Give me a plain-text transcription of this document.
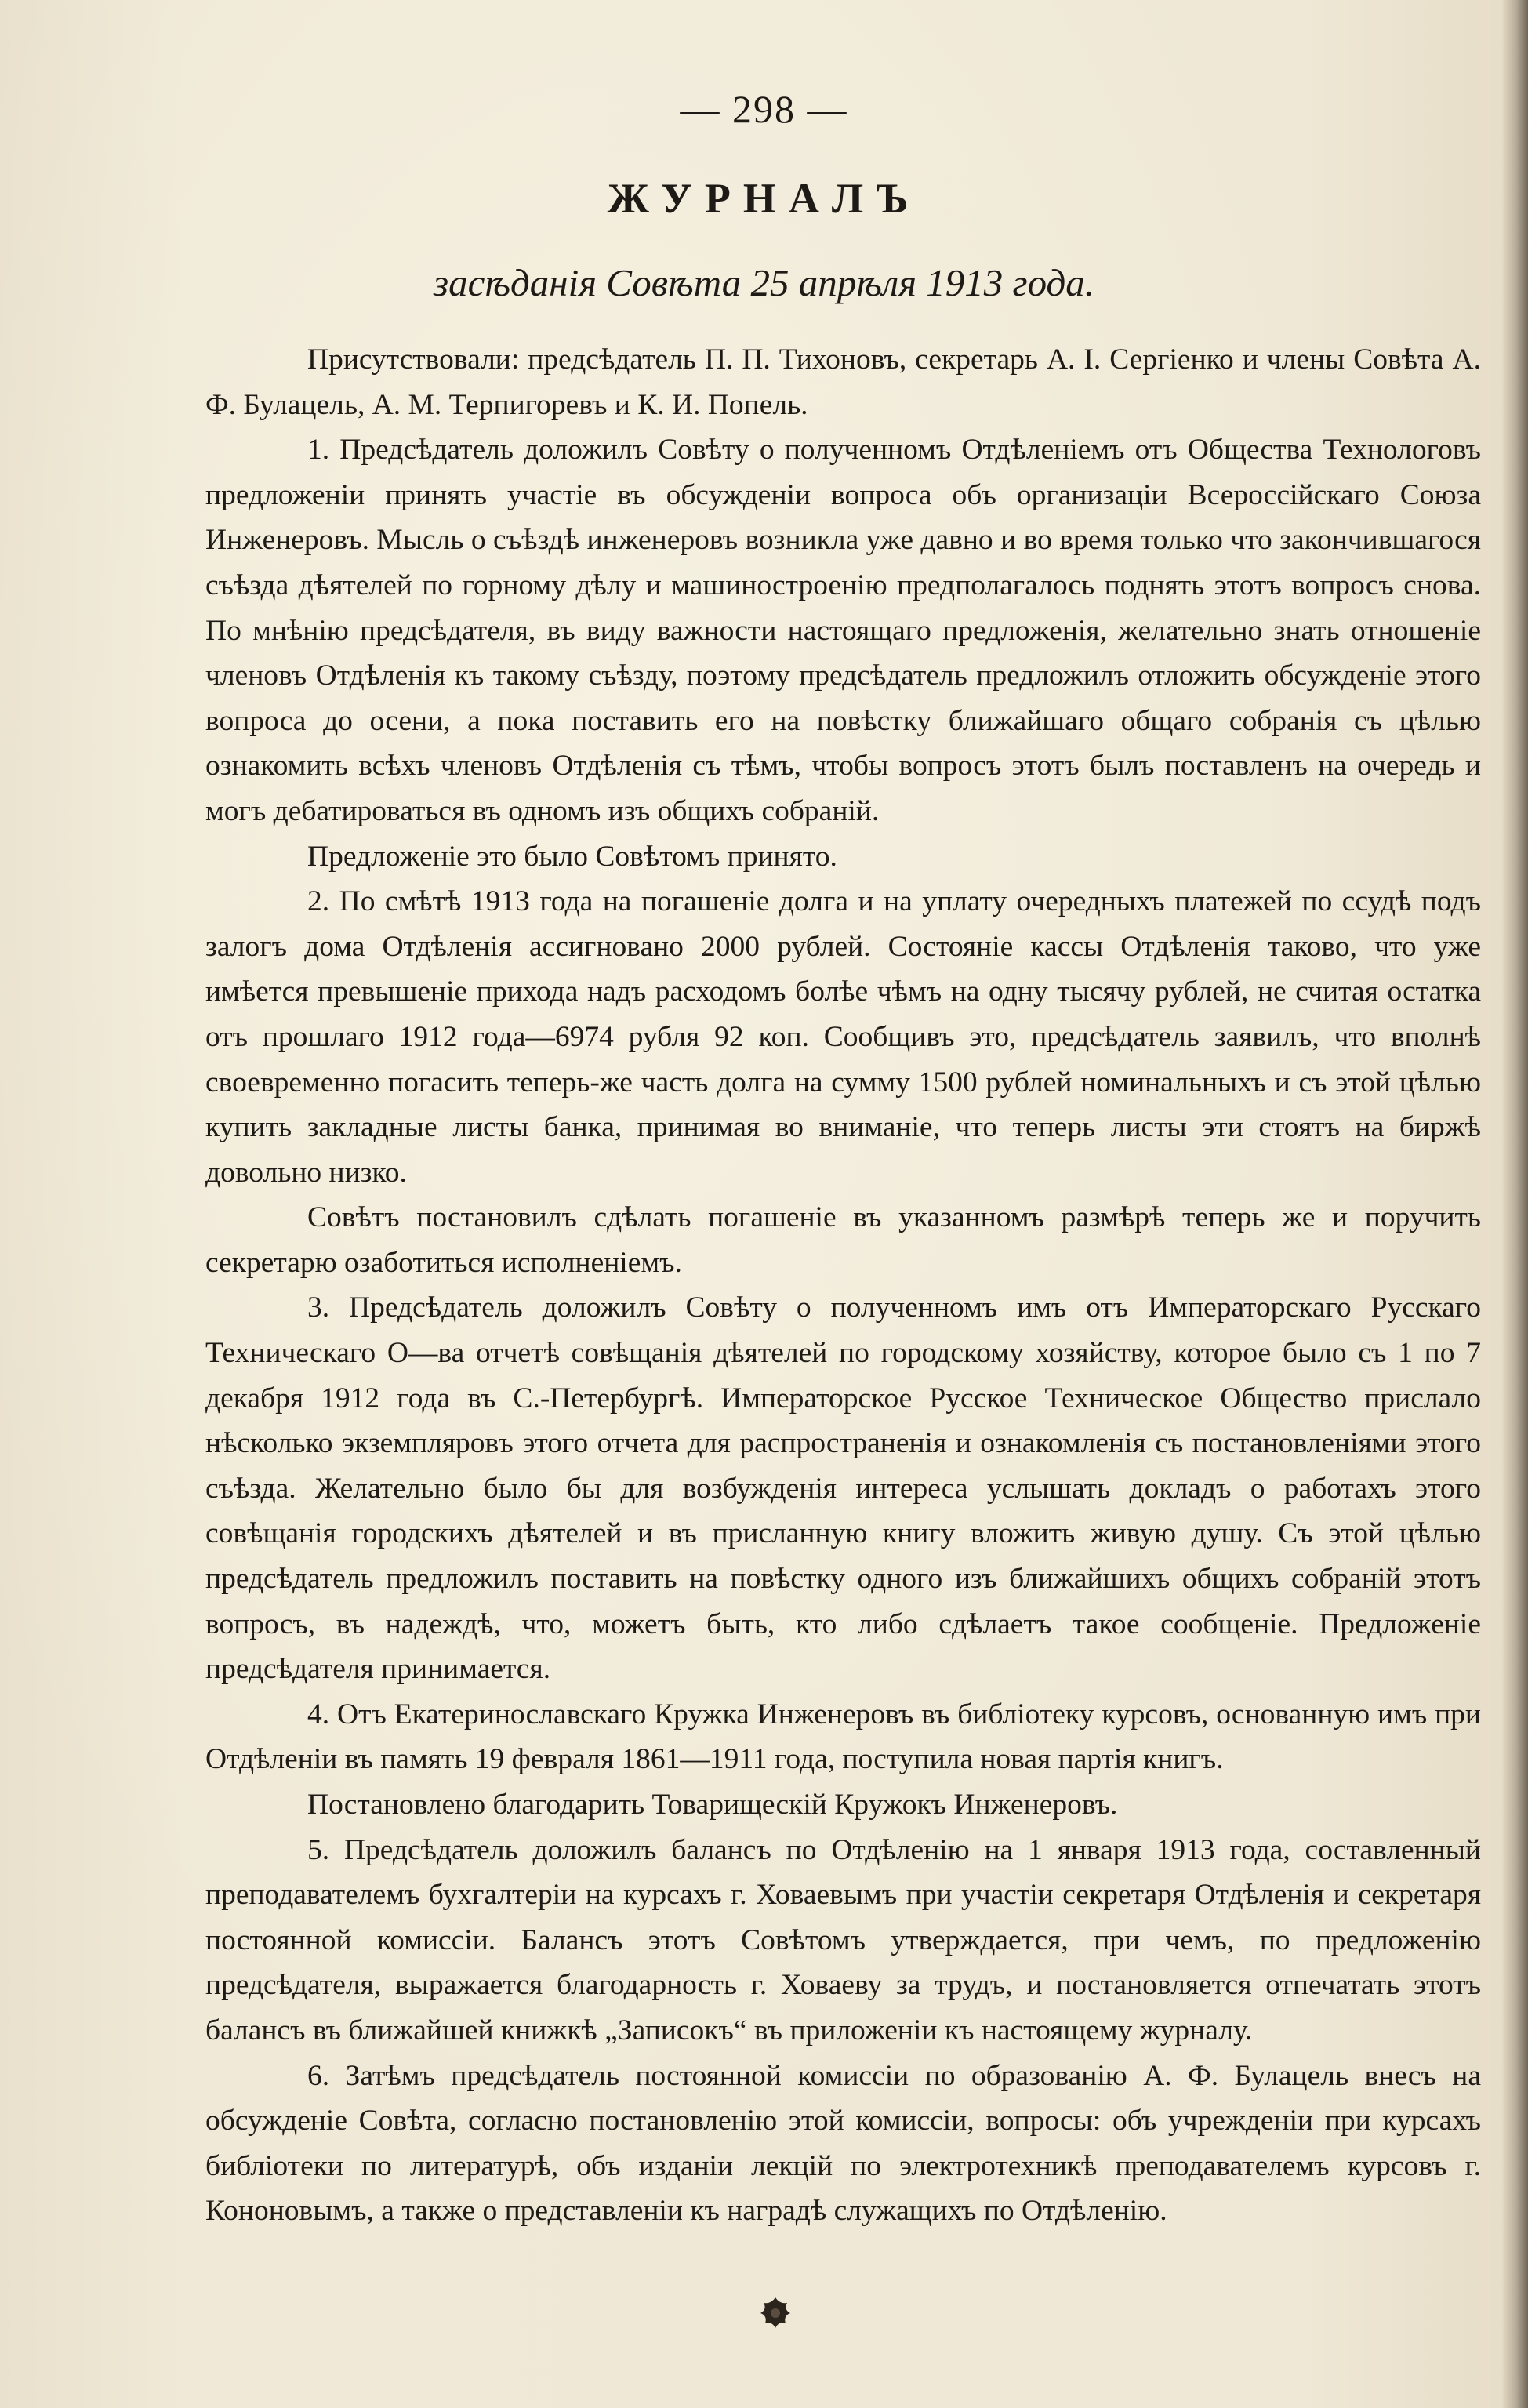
— 298 —
ЖУРНАЛЪ
засѣданія Совѣта 25 апрѣля 1913 года.

Присутствовали: предсѣдатель П. П. Тихоновъ, секретарь А. І. Сергіенко и члены Совѣта А. Ф. Булацель, А. М. Терпигоревъ и К. И. Попель.

1. Предсѣдатель доложилъ Совѣту о полученномъ Отдѣленіемъ отъ Общества Технологовъ предложеніи принять участіе въ обсужденіи вопроса объ организаціи Всероссійскаго Союза Инженеровъ. Мысль о съѣздѣ инженеровъ возникла уже давно и во время только что закончившагося съѣзда дѣятелей по горному дѣлу и машиностроенію предполагалось поднять этотъ вопросъ снова. По мнѣнію предсѣдателя, въ виду важности настоящаго предложенія, желательно знать отношеніе членовъ Отдѣленія къ такому съѣзду, поэтому предсѣдатель предложилъ отложить обсужденіе этого вопроса до осени, а пока поставить его на повѣстку ближайшаго общаго собранія съ цѣлью ознакомить всѣхъ членовъ Отдѣленія съ тѣмъ, чтобы вопросъ этотъ былъ поставленъ на очередь и могъ дебатироваться въ одномъ изъ общихъ собраній.

Предложеніе это было Совѣтомъ принято.

2. По смѣтѣ 1913 года на погашеніе долга и на уплату очередныхъ платежей по ссудѣ подъ залогъ дома Отдѣленія ассигновано 2000 рублей. Состояніе кассы Отдѣленія таково, что уже имѣется превышеніе прихода надъ расходомъ болѣе чѣмъ на одну тысячу рублей, не считая остатка отъ прошлаго 1912 года—6974 рубля 92 коп. Сообщивъ это, предсѣдатель заявилъ, что вполнѣ своевременно погасить теперь-же часть долга на сумму 1500 рублей номинальныхъ и съ этой цѣлью купить закладные листы банка, принимая во вниманіе, что теперь листы эти стоятъ на биржѣ довольно низко.

Совѣтъ постановилъ сдѣлать погашеніе въ указанномъ размѣрѣ теперь же и поручить секретарю озаботиться исполненіемъ.

3. Предсѣдатель доложилъ Совѣту о полученномъ имъ отъ Императорскаго Русскаго Техническаго О—ва отчетѣ совѣщанія дѣятелей по городскому хозяйству, которое было съ 1 по 7 декабря 1912 года въ С.-Петербургѣ. Императорское Русское Техническое Общество прислало нѣсколько экземпляровъ этого отчета для распространенія и ознакомленія съ постановленіями этого съѣзда. Желательно было бы для возбужденія интереса услышать докладъ о работахъ этого совѣщанія городскихъ дѣятелей и въ присланную книгу вложить живую душу. Съ этой цѣлью предсѣдатель предложилъ поставить на повѣстку одного изъ ближайшихъ общихъ собраній этотъ вопросъ, въ надеждѣ, что, можетъ быть, кто либо сдѣлаетъ такое сообщеніе. Предложеніе предсѣдателя принимается.

4. Отъ Екатеринославскаго Кружка Инженеровъ въ библіотеку курсовъ, основанную имъ при Отдѣленіи въ память 19 февраля 1861—1911 года, поступила новая партія книгъ.

Постановлено благодарить Товарищескій Кружокъ Инженеровъ.

5. Предсѣдатель доложилъ балансъ по Отдѣленію на 1 января 1913 года, составленный преподавателемъ бухгалтеріи на курсахъ г. Ховаевымъ при участіи секретаря Отдѣленія и секретаря постоянной комиссіи. Балансъ этотъ Совѣтомъ утверждается, при чемъ, по предложенію предсѣдателя, выражается благодарность г. Ховаеву за трудъ, и постановляется отпечатать этотъ балансъ въ ближайшей книжкѣ „Записокъ“ въ приложеніи къ настоящему журналу.

6. Затѣмъ предсѣдатель постоянной комиссіи по образованію А. Ф. Булацель внесъ на обсужденіе Совѣта, согласно постановленію этой комиссіи, вопросы: объ учрежденіи при курсахъ библіотеки по литературѣ, объ изданіи лекцій по электротехникѣ преподавателемъ курсовъ г. Кононовымъ, а также о представленіи къ наградѣ служащихъ по Отдѣленію.
